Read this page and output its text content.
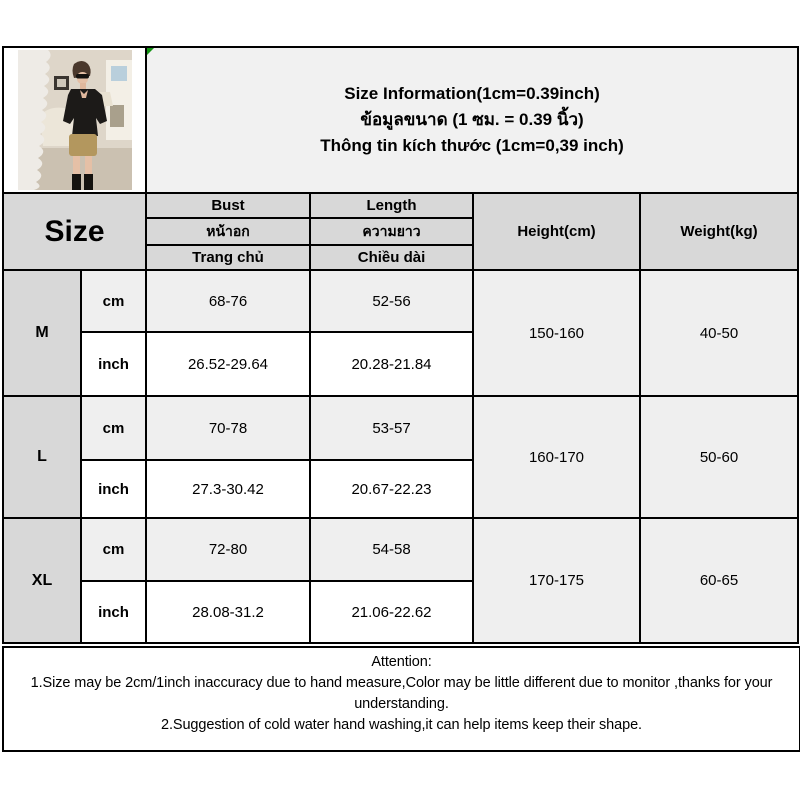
Size Information(1cm=0.39inch)
ข้อมูลขนาด (1 ซม. = 0.39 นิ้ว)
Thông tin kích thước (1cm=0,39 inch)			

Size		Bust	Length	Height(cm)	Weight(kg)
		หน้าอก	ความยาว		
		Trang chủ	Chiều dài		
M	cm	68-76	52-56	150-160	40-50
	inch	26.52-29.64	20.28-21.84		
L	cm	70-78	53-57	160-170	50-60
	inch	27.3-30.42	20.67-22.23		
XL	cm	72-80	54-58	170-175	60-65
	inch	28.08-31.2	21.06-22.62		
Attention:
1.Size may be 2cm/1inch inaccuracy due to hand measure,Color may be little different due to monitor ,thanks for your understanding.
2.Suggestion of cold water hand washing,it can help items keep their shape.
